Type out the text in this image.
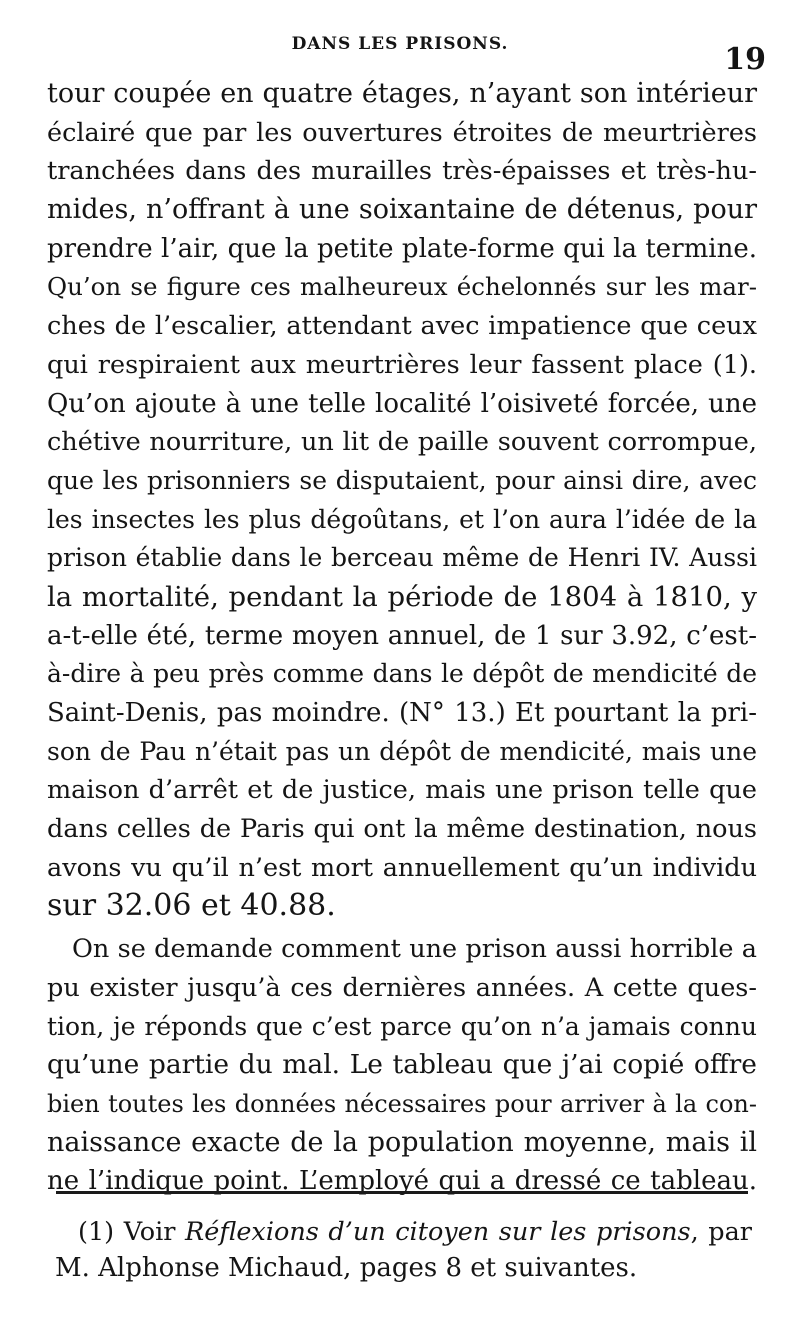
DANS LES PRISONS.	19
tour coupée en quatre étages, n’ayant son intérieur
éclairé que par les ouvertures étroites de meurtrières
tranchées dans des murailles très-épaisses et très-hu-
mides, n’offrant à une soixantaine de détenus, pour
prendre l’air, que la petite plate-forme qui la termine.
Qu’on se figure ces malheureux échelonnés sur les mar-
ches de l’escalier, attendant avec impatience que ceux
qui respiraient aux meurtrières leur fassent place (1).
Qu’on ajoute à une telle localité l’oisiveté forcée, une
chétive nourriture, un lit de paille souvent corrompue,
que les prisonniers se disputaient, pour ainsi dire, avec
les insectes les plus dégoûtans, et l’on aura l’idée de la
prison établie dans le berceau même de Henri IV. Aussi
la mortalité, pendant la période de 1804 à 1810, y
a-t-elle été, terme moyen annuel, de 1 sur 3.92, c’est-
à-dire à peu près comme dans le dépôt de mendicité de
Saint-Denis, pas moindre. (N° 13.) Et pourtant la pri-
son de Pau n’était pas un dépôt de mendicité, mais une
maison d’arrêt et de justice, mais une prison telle que
dans celles de Paris qui ont la même destination, nous
avons vu qu’il n’est mort annuellement qu’un individu
sur 32.06 et 40.88.
On se demande comment une prison aussi horrible a
pu exister jusqu’à ces dernières années. A cette ques-
tion, je réponds que c’est parce qu’on n’a jamais connu
qu’une partie du mal. Le tableau que j’ai copié offre
bien toutes les données nécessaires pour arriver à la con-
naissance exacte de la population moyenne, mais il
ne l’indique point. L’employé qui a dressé ce tableau.
(1) Voir Réflexions d’un citoyen sur les prisons, par
M. Alphonse Michaud, pages 8 et suivantes.
